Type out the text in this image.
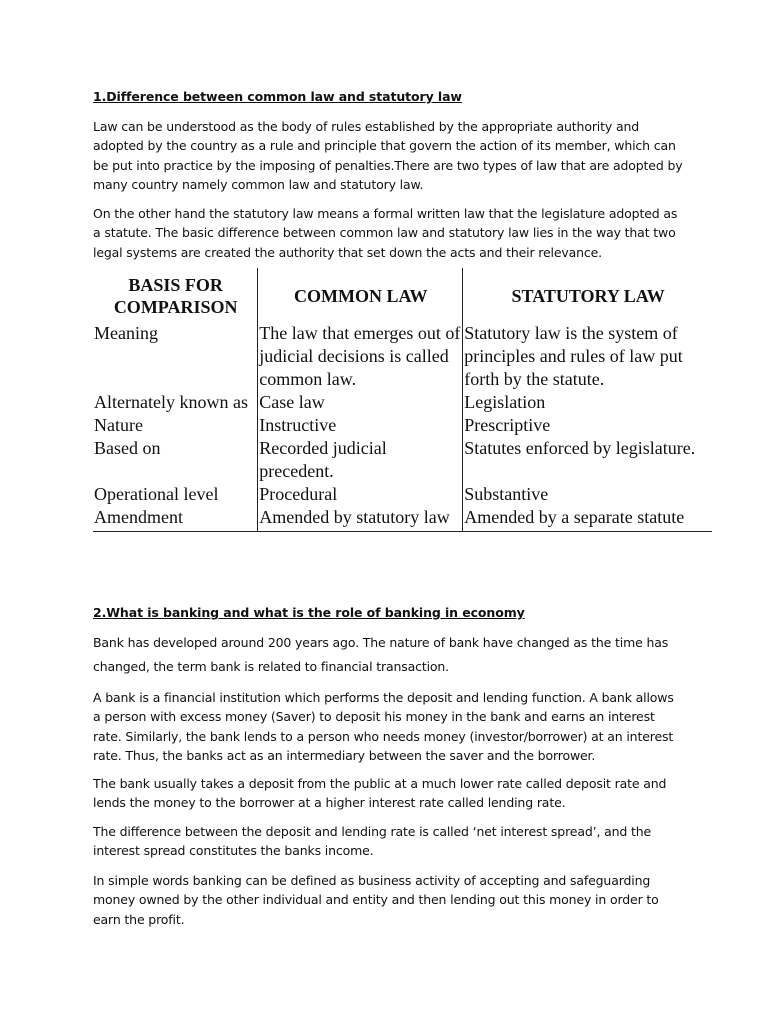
1.Difference between common law and statutory law

Law can be understood as the body of rules established by the appropriate authority and adopted by the country as a rule and principle that govern the action of its member, which can be put into practice by the imposing of penalties.There are two types of law that are adopted by many country namely common law and statutory law.

On the other hand the statutory law means a formal written law that the legislature adopted as a statute. The basic difference between common law and statutory law lies in the way that two legal systems are created the authority that set down the acts and their relevance.

BASIS FOR COMPARISON	COMMON LAW	STATUTORY LAW
Meaning	The law that emerges out of judicial decisions is called common law.	Statutory law is the system of principles and rules of law put forth by the statute.
Alternately known as	Case law	Legislation
Nature	Instructive	Prescriptive
Based on	Recorded judicial precedent.	Statutes enforced by legislature.
Operational level	Procedural	Substantive
Amendment	Amended by statutory law	Amended by a separate statute
2.What is banking and what is the role of banking in economy

Bank has developed around 200 years ago. The nature of bank have changed as the time has changed, the term bank is related to financial transaction.

A bank is a financial institution which performs the deposit and lending function. A bank allows a person with excess money (Saver) to deposit his money in the bank and earns an interest rate. Similarly, the bank lends to a person who needs money (investor/borrower) at an interest rate. Thus, the banks act as an intermediary between the saver and the borrower.

The bank usually takes a deposit from the public at a much lower rate called deposit rate and lends the money to the borrower at a higher interest rate called lending rate.

The difference between the deposit and lending rate is called ‘net interest spread’, and the interest spread constitutes the banks income.

In simple words banking can be defined as business activity of accepting and safeguarding money owned by the other individual and entity and then lending out this money in order to earn the profit.
